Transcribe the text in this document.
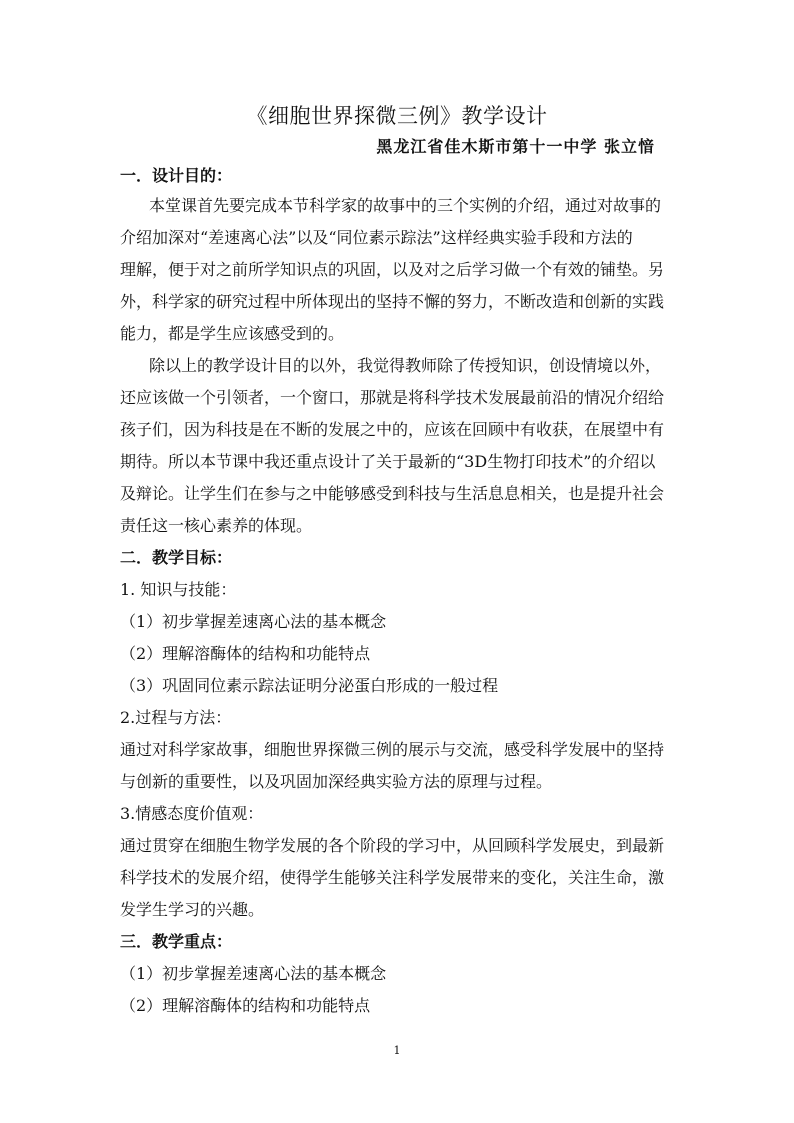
《细胞世界探微三例》教学设计
黑龙江省佳木斯市第十一中学 张立愔
一．设计目的：
本堂课首先要完成本节科学家的故事中的三个实例的介绍，通过对故事的
介绍加深对“差速离心法”以及“同位素示踪法”这样经典实验手段和方法的
理解，便于对之前所学知识点的巩固，以及对之后学习做一个有效的铺垫。另
外，科学家的研究过程中所体现出的坚持不懈的努力，不断改造和创新的实践
能力，都是学生应该感受到的。
除以上的教学设计目的以外，我觉得教师除了传授知识，创设情境以外，
还应该做一个引领者，一个窗口，那就是将科学技术发展最前沿的情况介绍给
孩子们，因为科技是在不断的发展之中的，应该在回顾中有收获，在展望中有
期待。所以本节课中我还重点设计了关于最新的“3D生物打印技术”的介绍以
及辩论。让学生们在参与之中能够感受到科技与生活息息相关，也是提升社会
责任这一核心素养的体现。
二．教学目标：
1. 知识与技能：
（1）初步掌握差速离心法的基本概念
（2）理解溶酶体的结构和功能特点
（3）巩固同位素示踪法证明分泌蛋白形成的一般过程
2.过程与方法：
通过对科学家故事，细胞世界探微三例的展示与交流，感受科学发展中的坚持
与创新的重要性，以及巩固加深经典实验方法的原理与过程。
3.情感态度价值观：
通过贯穿在细胞生物学发展的各个阶段的学习中，从回顾科学发展史，到最新
科学技术的发展介绍，使得学生能够关注科学发展带来的变化，关注生命，激
发学生学习的兴趣。
三．教学重点：
（1）初步掌握差速离心法的基本概念
（2）理解溶酶体的结构和功能特点
1
